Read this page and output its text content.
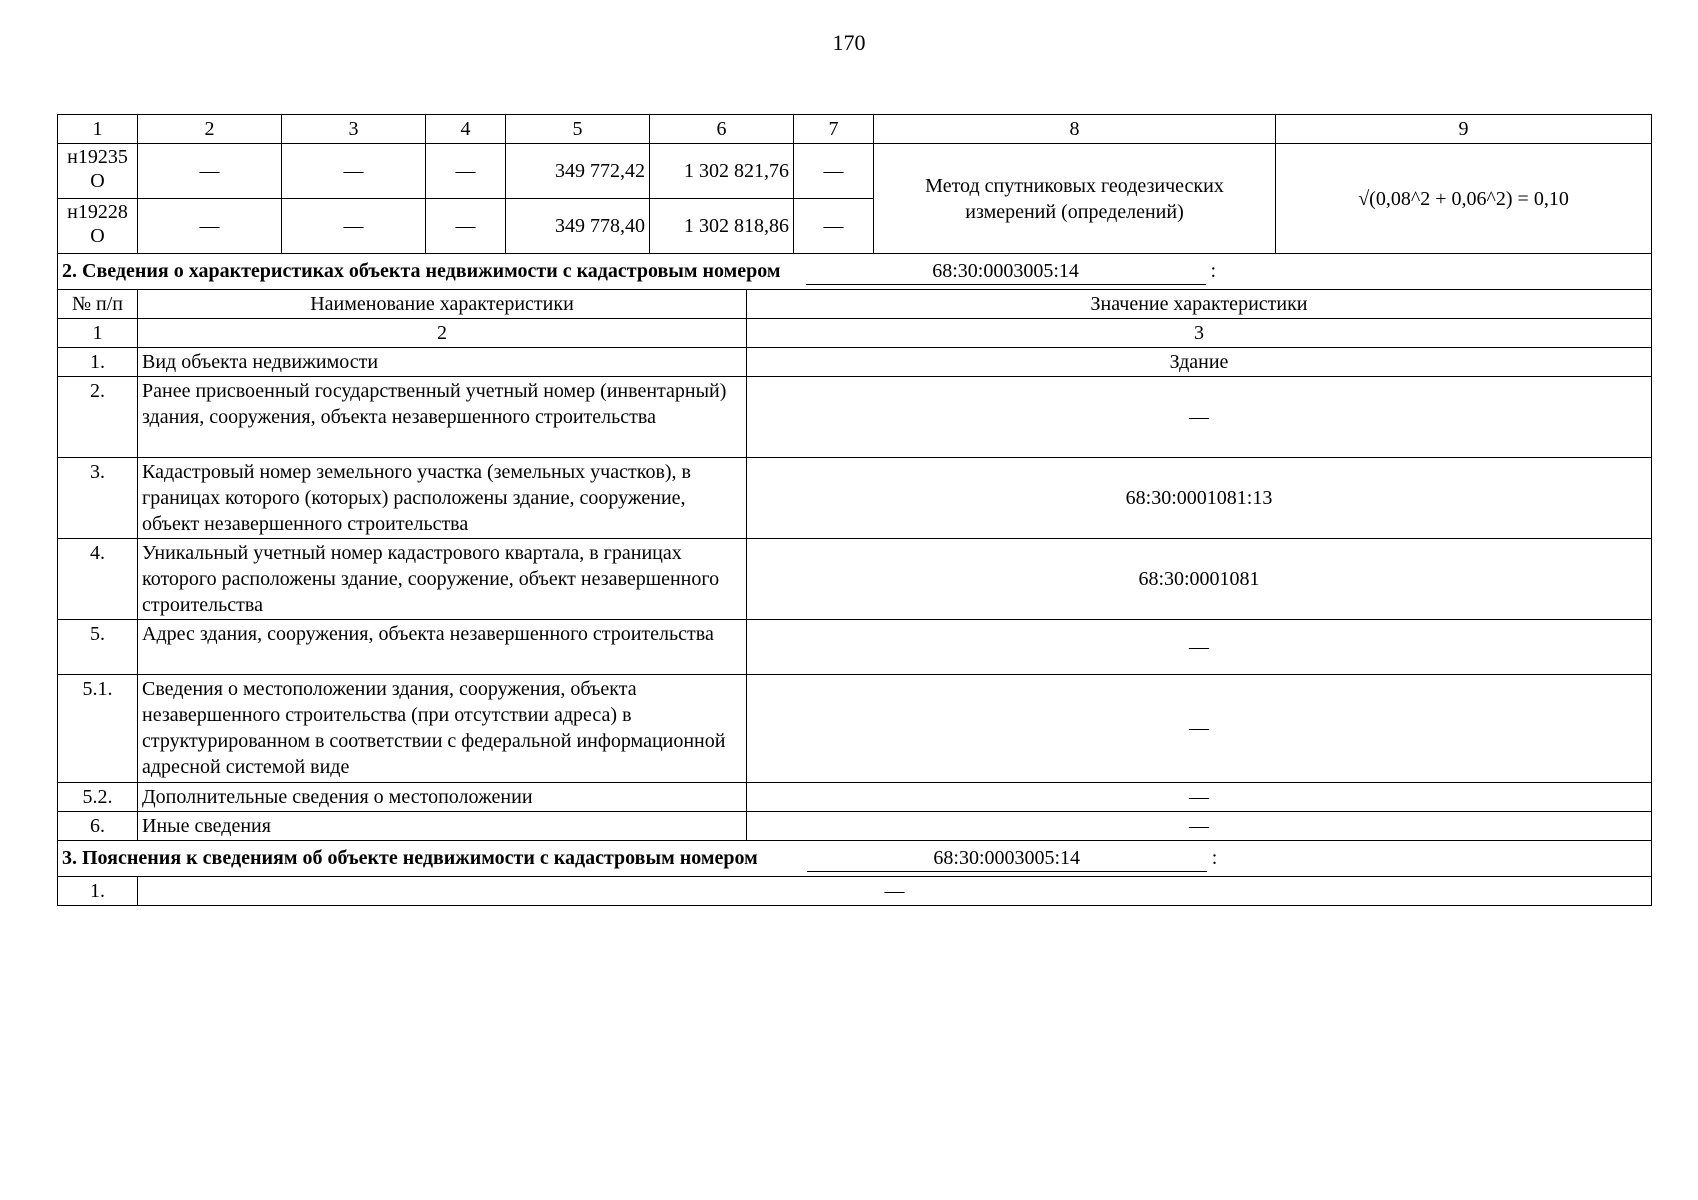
170
1	2	3	4	5	6	7	8	9
н19235
О	—	—	—	349 772,42	1 302 821,76	—	Метод спутниковых геодезических измерений (определений)	√(0,08^2 + 0,06^2) = 0,10
н19228
О	—	—	—	349 778,40	1 302 818,86	—		
2. Сведения о характеристиках объекта недвижимости с кадастровым номером 68:30:0003005:14 :		
№ п/п	Наименование характеристики	Значение характеристики
1	2	3
1.	Вид объекта недвижимости	Здание
2.	Ранее присвоенный государственный учетный номер (инвентарный) здания, сооружения, объекта незавершенного строительства	—
3.	Кадастровый номер земельного участка (земельных участков), в границах которого (которых) расположены здание, сооружение, объект незавершенного строительства	68:30:0001081:13
4.	Уникальный учетный номер кадастрового квартала, в границах которого расположены здание, сооружение, объект незавершенного строительства	68:30:0001081
5.	Адрес здания, сооружения, объекта незавершенного строительства	—
5.1.	Сведения о местоположении здания, сооружения, объекта незавершенного строительства (при отсутствии адреса) в структурированном в соответствии с федеральной информационной адресной системой виде	—
5.2.	Дополнительные сведения о местоположении	—
6.	Иные сведения	—
3. Пояснения к сведениям об объекте недвижимости с кадастровым номером 68:30:0003005:14 :		
1.	—	
